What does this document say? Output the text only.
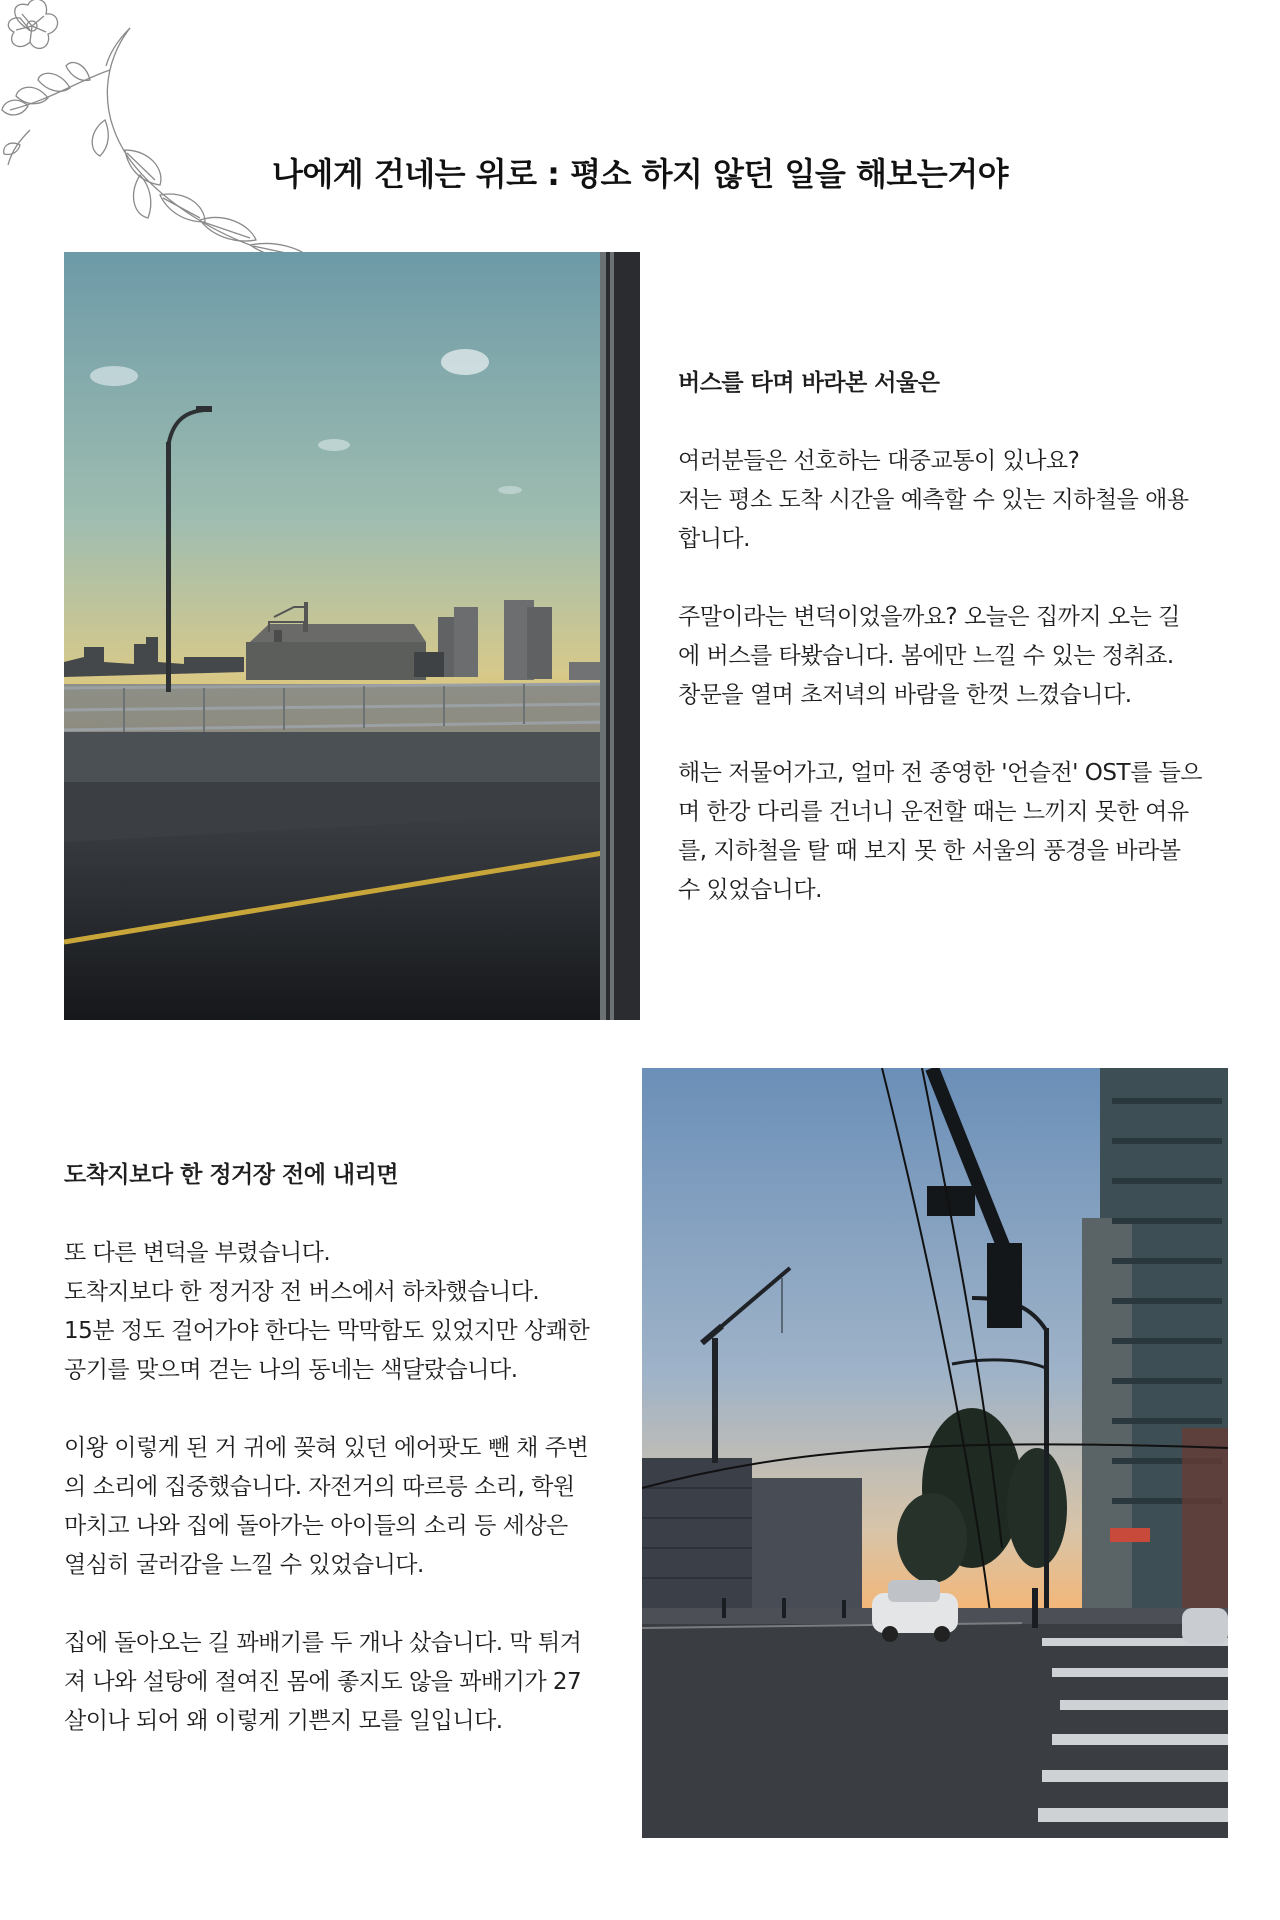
나에게 건네는 위로 : 평소 하지 않던 일을 해보는거야

버스를 타며 바라본 서울은

여러분들은 선호하는 대중교통이 있나요?
저는 평소 도착 시간을 예측할 수 있는 지하철을 애용
합니다.

주말이라는 변덕이었을까요? 오늘은 집까지 오는 길
에 버스를 타봤습니다. 봄에만 느낄 수 있는 정취죠.
창문을 열며 초저녁의 바람을 한껏 느꼈습니다.

해는 저물어가고, 얼마 전 종영한 '언슬전' OST를 들으
며 한강 다리를 건너니 운전할 때는 느끼지 못한 여유
를, 지하철을 탈 때 보지 못 한 서울의 풍경을 바라볼
수 있었습니다.

도착지보다 한 정거장 전에 내리면

또 다른 변덕을 부렸습니다.
도착지보다 한 정거장 전 버스에서 하차했습니다.
15분 정도 걸어가야 한다는 막막함도 있었지만 상쾌한
공기를 맞으며 걷는 나의 동네는 색달랐습니다.

이왕 이렇게 된 거 귀에 꽂혀 있던 에어팟도 뺀 채 주변
의 소리에 집중했습니다. 자전거의 따르릉 소리, 학원
마치고 나와 집에 돌아가는 아이들의 소리 등 세상은
열심히 굴러감을 느낄 수 있었습니다.

집에 돌아오는 길 꽈배기를 두 개나 샀습니다. 막 튀겨
져 나와 설탕에 절여진 몸에 좋지도 않을 꽈배기가 27
살이나 되어 왜 이렇게 기쁜지 모를 일입니다.
